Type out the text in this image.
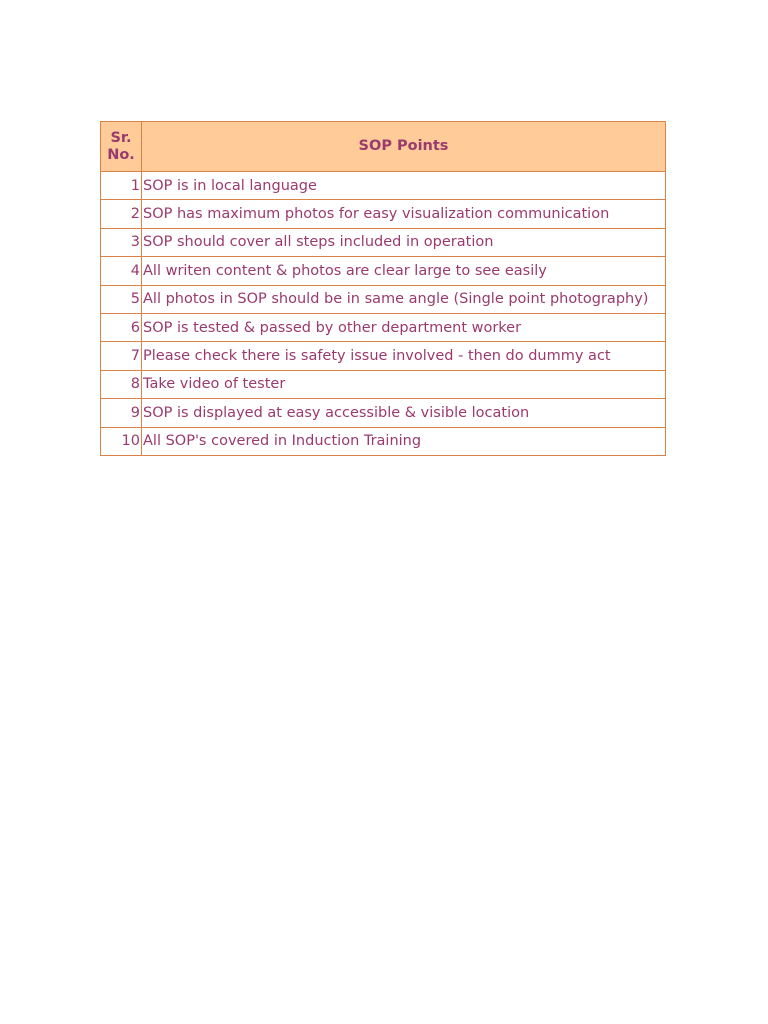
Sr.
No.	SOP Points
1	SOP is in local language
2	SOP has maximum photos for easy visualization communication
3	SOP should cover all steps included in operation
4	All writen content & photos are clear large to see easily
5	All photos in SOP should be in same angle (Single point photography)
6	SOP is tested & passed by other department worker
7	Please check there is safety issue involved - then do dummy act
8	Take video of tester
9	SOP is displayed at easy accessible & visible location
10	All SOP's covered in Induction Training
